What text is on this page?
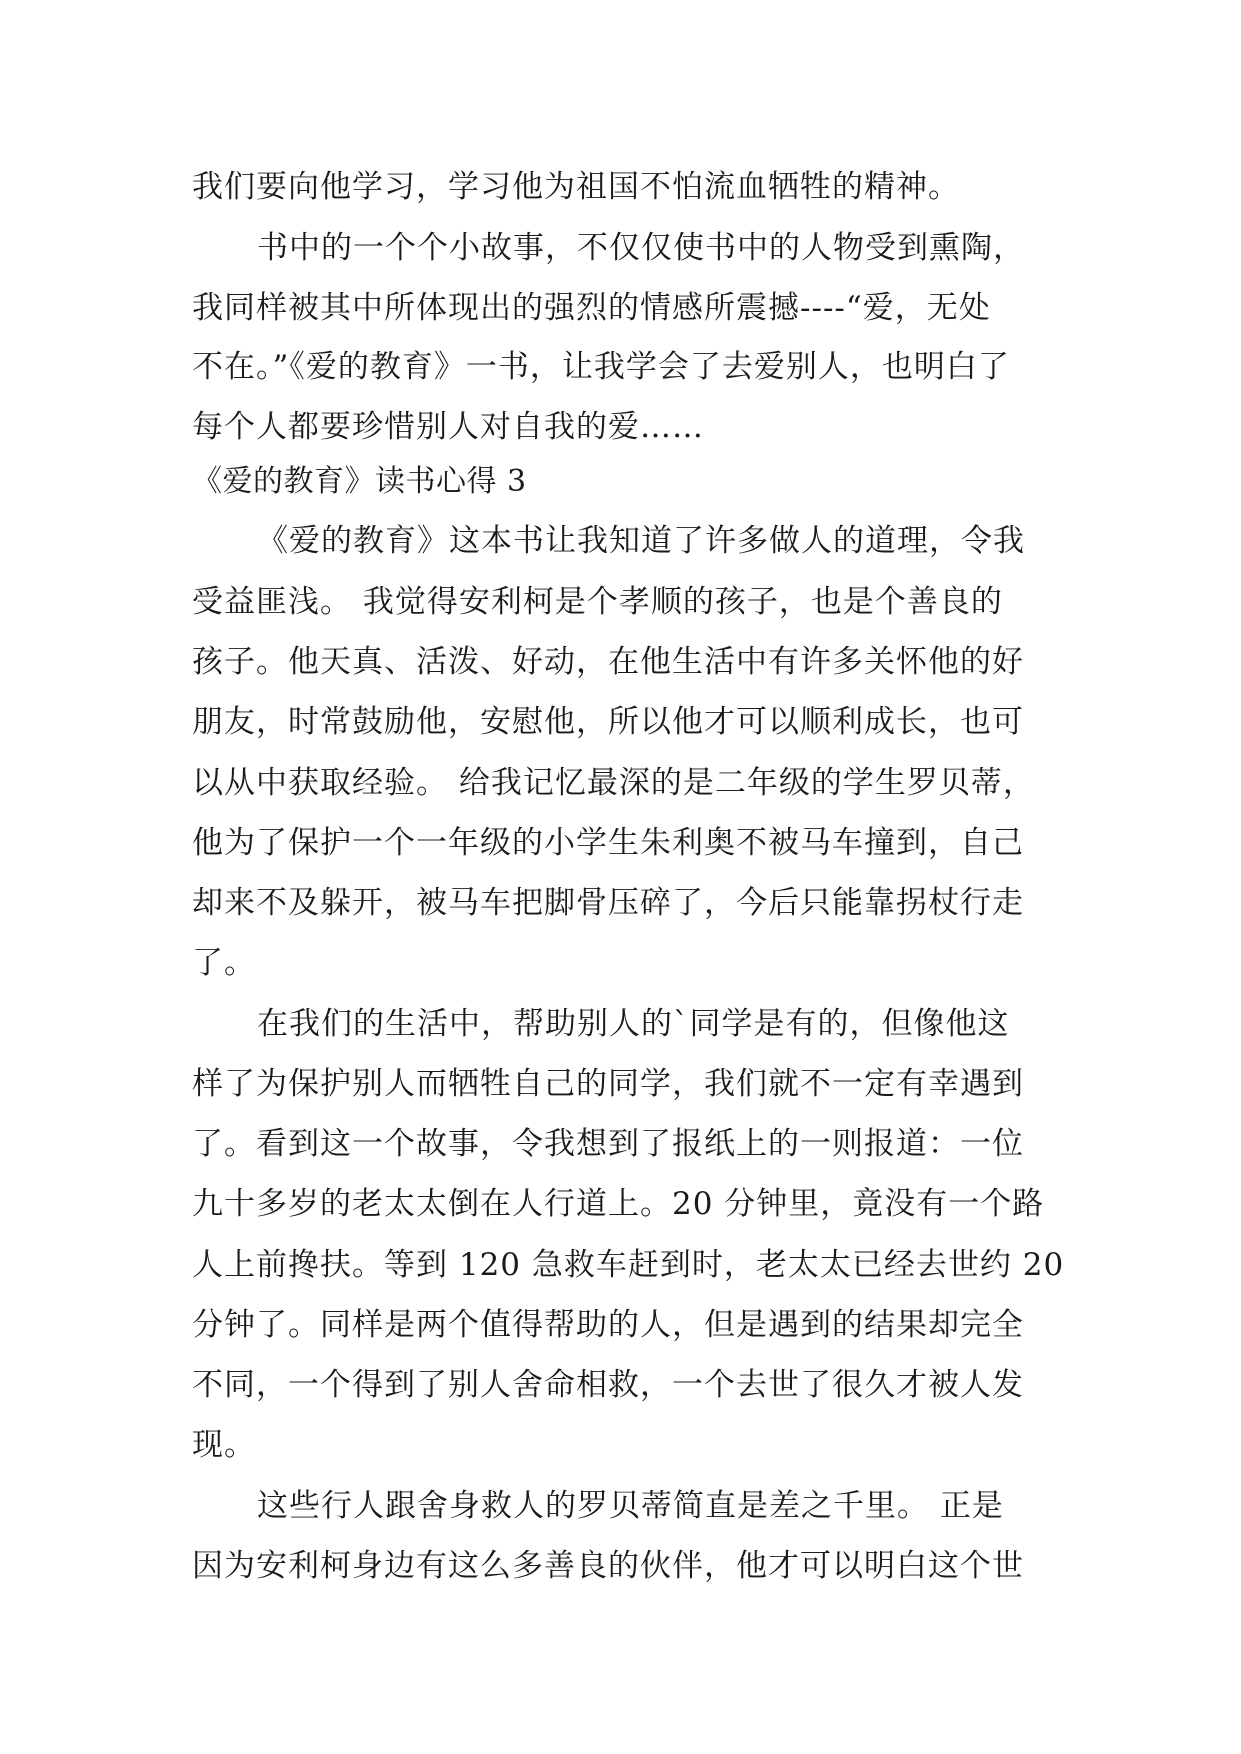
我们要向他学习，学习他为祖国不怕流血牺牲的精神。
书中的一个个小故事，不仅仅使书中的人物受到熏陶，
我同样被其中所体现出的强烈的情感所震撼----“爱，无处
不在。”《爱的教育》一书，让我学会了去爱别人，也明白了
每个人都要珍惜别人对自我的爱……
《爱的教育》读书心得 3
《爱的教育》这本书让我知道了许多做人的道理，令我
受益匪浅。 我觉得安利柯是个孝顺的孩子，也是个善良的
孩子。他天真、活泼、好动，在他生活中有许多关怀他的好
朋友，时常鼓励他，安慰他，所以他才可以顺利成长，也可
以从中获取经验。 给我记忆最深的是二年级的学生罗贝蒂，
他为了保护一个一年级的小学生朱利奥不被马车撞到，自己
却来不及躲开，被马车把脚骨压碎了，今后只能靠拐杖行走
了。
在我们的生活中，帮助别人的`同学是有的，但像他这
样了为保护别人而牺牲自己的同学，我们就不一定有幸遇到
了。看到这一个故事，令我想到了报纸上的一则报道：一位
九十多岁的老太太倒在人行道上。20 分钟里，竟没有一个路
人上前搀扶。等到 120 急救车赶到时，老太太已经去世约 20
分钟了。同样是两个值得帮助的人，但是遇到的结果却完全
不同，一个得到了别人舍命相救，一个去世了很久才被人发
现。
这些行人跟舍身救人的罗贝蒂简直是差之千里。 正是
因为安利柯身边有这么多善良的伙伴，他才可以明白这个世
